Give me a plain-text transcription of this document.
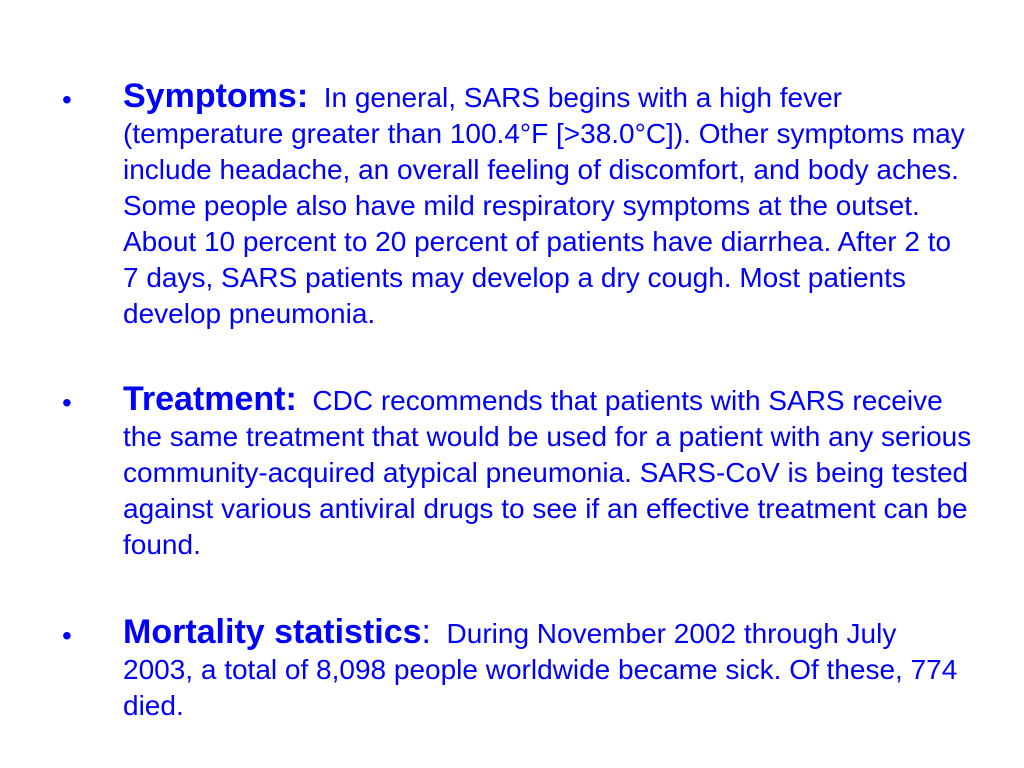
• Symptoms: In general, SARS begins with a high fever (temperature greater than 100.4°F [>38.0°C]). Other symptoms may include headache, an overall feeling of discomfort, and body aches. Some people also have mild respiratory symptoms at the outset. About 10 percent to 20 percent of patients have diarrhea. After 2 to 7 days, SARS patients may develop a dry cough. Most patients develop pneumonia.
• Treatment: CDC recommends that patients with SARS receive the same treatment that would be used for a patient with any serious community-acquired atypical pneumonia. SARS-CoV is being tested against various antiviral drugs to see if an effective treatment can be found.
• Mortality statistics: During November 2002 through July 2003, a total of 8,098 people worldwide became sick. Of these, 774 died.
